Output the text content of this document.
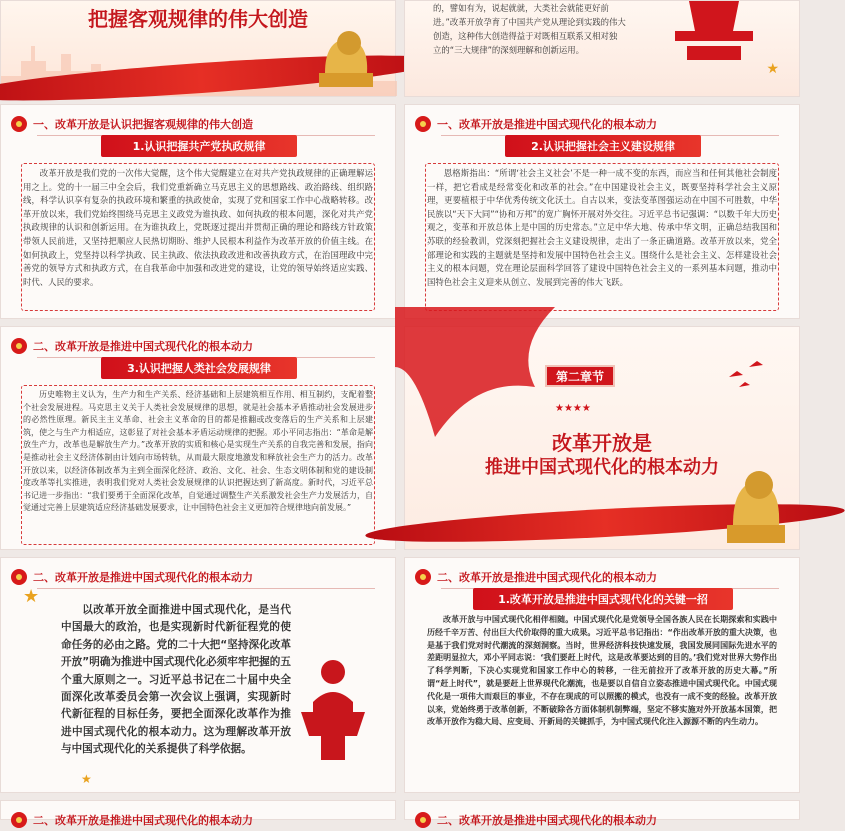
把握客观规律的伟大创造	的，譬如有为，说起就就，大类社会就能更好前
进。”改革开放孕育了中国共产党从理论到实践的伟大
创造，这种伟大创造得益于对既相互联系又相对独
立的“三大规律”的深刻理解和创新运用。
★
一、改革开放是认识把握客观规律的伟大创造
1.认识把握共产党执政规律
改革开放是我们党的一次伟大觉醒，这个伟大觉醒建立在对共产党执政规律的正确理解运用之上。党的十一届三中全会后，我们党重新确立马克思主义的思想路线、政治路线、组织路线，科学认识享有复杂的执政环境和繁重的执政使命，实现了党和国家工作中心战略转移。改革开放以来，我们党始终围绕马克思主义政党为谁执政、如何执政的根本问题，深化对共产党执政规律的认识和创新运用。在为谁执政上，党既逐过提出并贯彻正确的理论和路线方针政策带领人民前进，又坚持把顺应人民热切期盼、维护人民根本利益作为改革开放的价值主线。在如何执政上，党坚持以科学执政、民主执政、依法执政改进和改善执政方式，在治国理政中完善党的领导方式和执政方式，在自我革命中加强和改进党的建设，让党的领导始终适应实践、时代、人民的要求。
一、改革开放是推进中国式现代化的根本动力
2.认识把握社会主义建设规律
恩格斯指出：“所谓‘社会主义社会’不是一种一成不变的东西，而应当和任何其他社会制度一样，把它看成是经常变化和改革的社会。”在中国建设社会主义，既要坚持科学社会主义原理，更要植根于中华优秀传统文化沃土。自古以来，变法变革图强运动在中国不可胜数，中华民族以“天下大同”“协和万邦”的宽广胸怀开展对外交往。习近平总书记强调：“以数千年大历史观之，变革和开放总体上是中国的历史常态。”立足中华大地、传承中华文明，正确总结我国和苏联的经验教训，党深刻把握社会主义建设规律，走出了一条正确道路。改革开放以来，党全部理论和实践的主题就是坚持和发展中国特色社会主义。围绕什么是社会主义、怎样建设社会主义的根本问题，党在理论层面科学回答了建设中国特色社会主义的一系列基本问题，推动中国特色社会主义迎来从创立、发展到完善的伟大飞跃。
二、改革开放是推进中国式现代化的根本动力
3.认识把握人类社会发展规律
历史唯物主义认为，生产力和生产关系、经济基础和上层建筑相互作用、相互制约，支配着整个社会发展进程。马克思主义关于人类社会发展规律的思想，就是社会基本矛盾推动社会发展进步的必然性原理。新民主主义革命、社会主义革命的目的都是推翻或改变落后的生产关系和上层建筑，使之与生产力相适应，这彰显了对社会基本矛盾运动规律的把握。邓小平同志指出：“革命是解放生产力，改革也是解放生产力。”改革开放的实质和核心是实现生产关系的自我完善和发展，指向是推动社会主义经济体制由计划向市场转轨，从而最大限度地激发和释放社会生产力的活力。改革开放以来，以经济体制改革为主到全面深化经济、政治、文化、社会、生态文明体制和党的建设制度改革等扎实推进，表明我们党对人类社会发展规律的认识把握达到了新高度。新时代，习近平总书记进一步指出：“我们要勇于全面深化改革，自觉通过调整生产关系激发社会生产力发展活力，自觉通过完善上层建筑适应经济基础发展要求，让中国特色社会主义更加符合规律地向前发展。”
第二章节
★★★★
改革开放是
推进中国式现代化的根本动力
二、改革开放是推进中国式现代化的根本动力
★
以改革开放全面推进中国式现代化，是当代中国最大的政治，也是实现新时代新征程党的使命任务的必由之路。党的二十大把“坚持深化改革开放”明确为推进中国式现代化必须牢牢把握的五个重大原则之一。习近平总书记在二十届中央全面深化改革委员会第一次会议上强调，实现新时代新征程的目标任务，要把全面深化改革作为推进中国式现代化的根本动力。这为理解改革开放与中国式现代化的关系提供了科学依据。
★
二、改革开放是推进中国式现代化的根本动力
1.改革开放是推进中国式现代化的关键一招
改革开放与中国式现代化相伴相随。中国式现代化是党领导全国各族人民在长期探索和实践中历经千辛万苦、付出巨大代价取得的重大成果。习近平总书记指出：“作出改革开放的重大决策，也是基于我们党对时代潮流的深刻洞察。当时，世界经济科技快速发展，我国发展同国际先进水平的差距明显拉大，邓小平同志说：‘我们要赶上时代，这是改革要达到的目的。’我们党对世界大势作出了科学判断，下决心实现党和国家工作中心的转移，一往无前拉开了改革开放的历史大幕。”所谓“赶上时代”，就是要赶上世界现代化潮流，也是要以自信自立姿态推进中国式现代化。中国式现代化是一项伟大而艰巨的事业，不存在现成的可以照搬的模式，也没有一成不变的经验。改革开放以来，党始终勇于改革创新，不断破除各方面体制机制弊端，坚定不移实施对外开放基本国策，把改革开放作为稳大局、应变局、开新局的关键抓手，为中国式现代化注入源源不断的内生动力。
二、改革开放是推进中国式现代化的根本动力	二、改革开放是推进中国式现代化的根本动力
